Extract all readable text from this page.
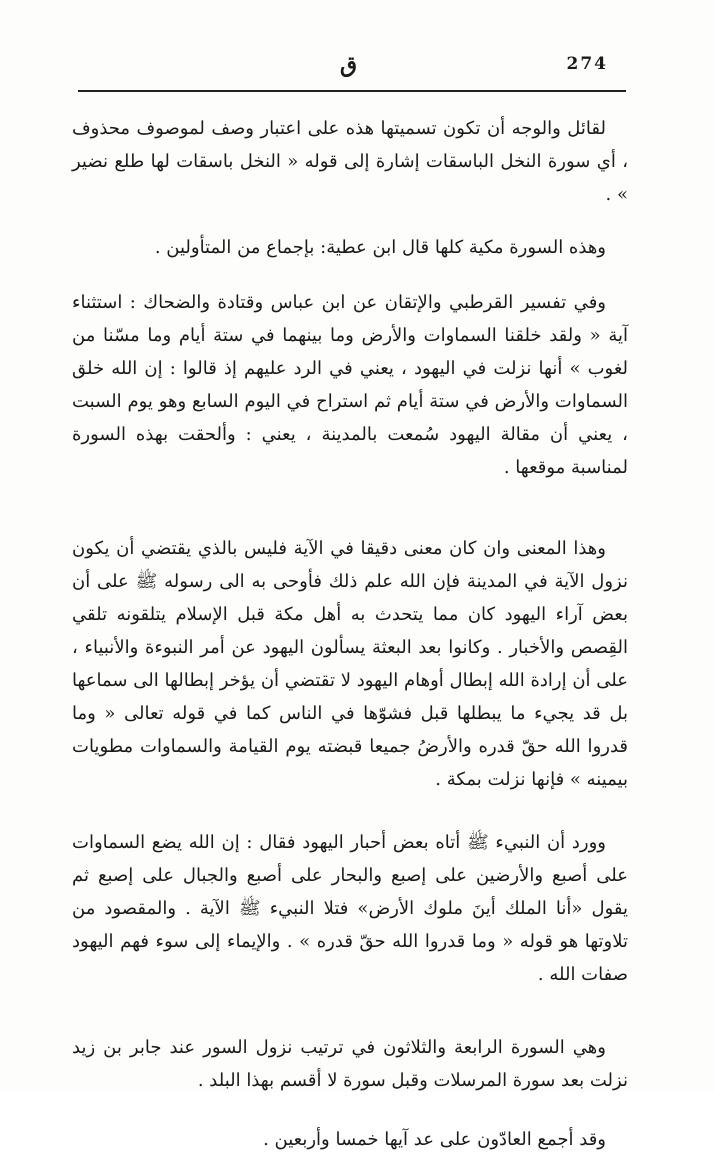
ق	274

لقائل والوجه أن تكون تسميتها هذه على اعتبار وصف لموصوف محذوف ، أي سورة النخل الباسقات إشارة إلى قوله « النخل باسقات لها طلع نضير » .

وهذه السورة مكية كلها قال ابن عطية: بإجماع من المتأولين .

وفي تفسير القرطبي والإتقان عن ابن عباس وقتادة والضحاك : استثناء آية « ولقد خلقنا السماوات والأرض وما بينهما في ستة أيام وما مسّنا من لغوب » أنها نزلت في اليهود ، يعني في الرد عليهم إذ قالوا : إن الله خلق السماوات والأرض في ستة أيام ثم استراح في اليوم السابع وهو يوم السبت ، يعني أن مقالة اليهود سُمعت بالمدينة ، يعني : وألحقت بهذه السورة لمناسبة موقعها .

وهذا المعنى وان كان معنى دقيقا في الآية فليس بالذي يقتضي أن يكون نزول الآية في المدينة فإن الله علم ذلك فأوحى به الى رسوله ﷺ على أن بعض آراء اليهود كان مما يتحدث به أهل مكة قبل الإسلام يتلقونه تلقي القِصص والأخبار . وكانوا بعد البعثة يسألون اليهود عن أمر النبوءة والأنبياء ، على أن إرادة الله إبطال أوهام اليهود لا تقتضي أن يؤخر إبطالها الى سماعها بل قد يجيء ما يبطلها قبل فشوّها في الناس كما في قوله تعالى « وما قدروا الله حقّ قدره والأرضُ جميعا قبضته يوم القيامة والسماوات مطويات بيمينه » فإنها نزلت بمكة .

وورد أن النبيء ﷺ أتاه بعض أحبار اليهود فقال : إن الله يضع السماوات على أصبع والأرضين على إصبع والبحار على أصبع والجبال على إصبع ثم يقول «أنا الملك أينَ ملوك الأرض» فتلا النبيء ﷺ الآية . والمقصود من تلاوتها هو قوله « وما قدروا الله حقّ قدره » . والإيماء إلى سوء فهم اليهود صفات الله .

وهي السورة الرابعة والثلاثون في ترتيب نزول السور عند جابر بن زيد نزلت بعد سورة المرسلات وقبل سورة لا أقسم بهذا البلد .

وقد أجمع العادّون على عد آيها خمسا وأربعين .
